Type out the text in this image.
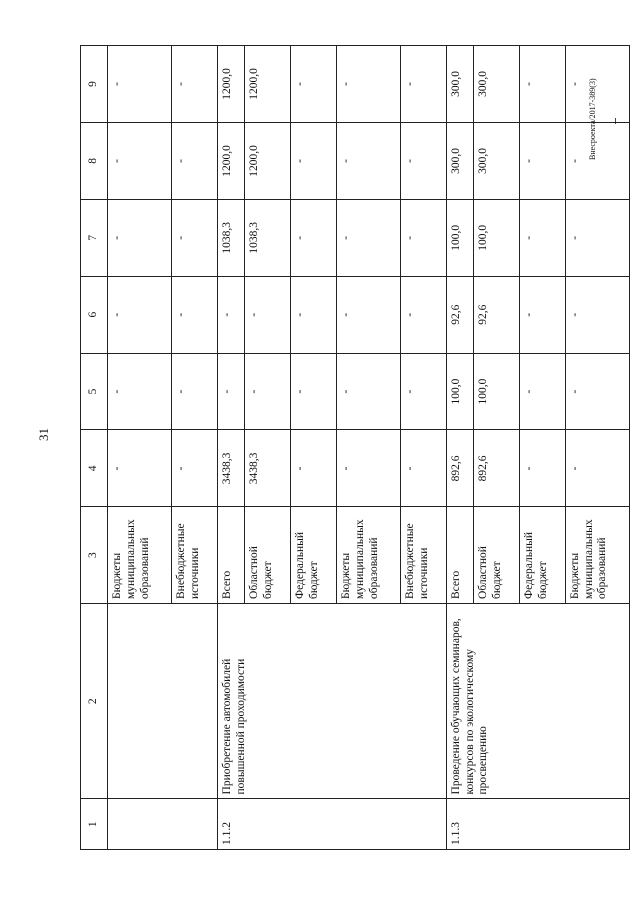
31
Внесроектa/2017-389(3)
1	2	3	4	5	6	7	8	9
		Бюджеты муниципальных образований	-	-	-	-	-	-
		Внебюджетные источники	-	-	-	-	-	-
1.1.2	Приобретение автомобилей повышенной проходимости	Всего	3438,3	-	-	1038,3	1200,0	1200,0
		Областной бюджет	3438,3	-	-	1038,3	1200,0	1200,0
		Федеральный бюджет	-	-	-	-	-	-
		Бюджеты муниципальных образований	-	-	-	-	-	-
		Внебюджетные источники	-	-	-	-	-	-
1.1.3	Проведение обучающих семинаров, конкурсов по экологическому просвещению	Всего	892,6	100,0	92,6	100,0	300,0	300,0
		Областной бюджет	892,6	100,0	92,6	100,0	300,0	300,0
		Федеральный бюджет	-	-	-	-	-	-
		Бюджеты муниципальных образований	-	-	-	-	-	-
